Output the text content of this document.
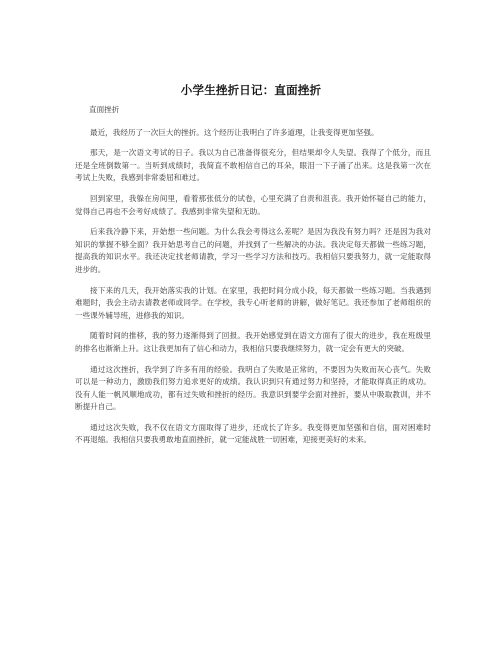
小学生挫折日记：直面挫折
直面挫折

最近，我经历了一次巨大的挫折。这个经历让我明白了许多道理，让我变得更加坚强。

那天，是一次语文考试的日子。我以为自己准备得很充分，但结果却令人失望。我得了个低分，而且还是全班倒数第一。当听到成绩时，我简直不敢相信自己的耳朵，眼泪一下子涌了出来。这是我第一次在考试上失败，我感到非常委屈和难过。

回到家里，我躲在房间里，看着那张低分的试卷，心里充满了自责和沮丧。我开始怀疑自己的能力，觉得自己再也不会考好成绩了。我感到非常失望和无助。

后来我冷静下来，开始想一些问题。为什么我会考得这么差呢？是因为我没有努力吗？还是因为我对知识的掌握不够全面？我开始思考自己的问题，并找到了一些解决的办法。我决定每天都做一些练习题，提高我的知识水平。我还决定找老师请教，学习一些学习方法和技巧。我相信只要我努力，就一定能取得进步的。

接下来的几天，我开始落实我的计划。在家里，我把时间分成小段，每天都做一些练习题。当我遇到难题时，我会主动去请教老师或同学。在学校，我专心听老师的讲解，做好笔记。我还参加了老师组织的一些课外辅导班，进修我的知识。

随着时间的推移，我的努力逐渐得到了回报。我开始感觉到在语文方面有了很大的进步，我在班级里的排名也渐渐上升。这让我更加有了信心和动力，我相信只要我继续努力，就一定会有更大的突破。

通过这次挫折，我学到了许多有用的经验。我明白了失败是正常的，不要因为失败而灰心丧气。失败可以是一种动力，激励我们努力追求更好的成绩。我认识到只有通过努力和坚持，才能取得真正的成功。没有人能一帆风顺地成功，都有过失败和挫折的经历。我意识到要学会面对挫折，要从中吸取教训，并不断提升自己。

通过这次失败，我不仅在语文方面取得了进步，还成长了许多。我变得更加坚强和自信，面对困难时不再退缩。我相信只要我勇敢地直面挫折，就一定能战胜一切困难，迎接更美好的未来。
